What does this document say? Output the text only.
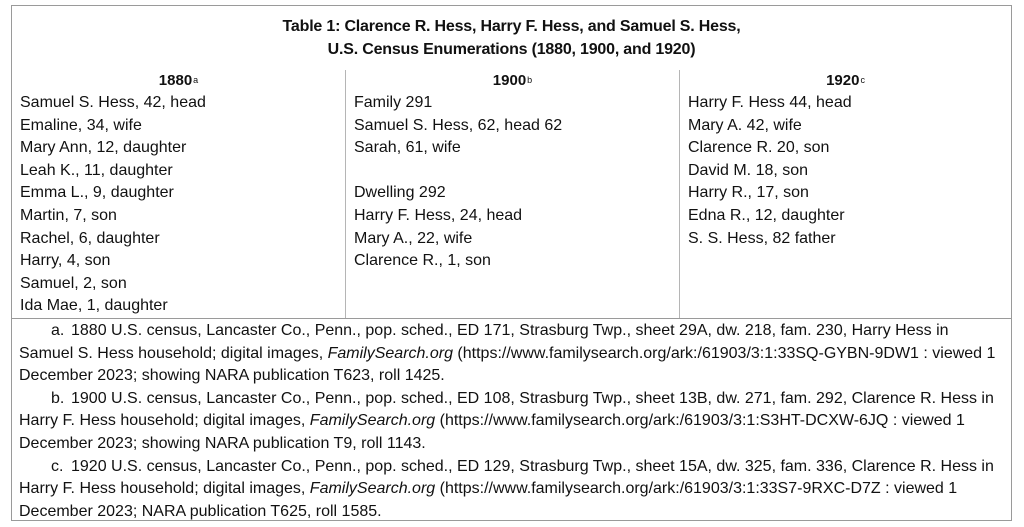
Table 1: Clarence R. Hess, Harry F. Hess, and Samuel S. Hess,
U.S. Census Enumerations (1880, 1900, and 1920)
1880$^a$
Samuel S. Hess, 42, head
Emaline, 34, wife
Mary Ann, 12, daughter
Leah K., 11, daughter
Emma L., 9, daughter
Martin, 7, son
Rachel, 6, daughter
Harry, 4, son
Samuel, 2, son
Ida Mae, 1, daughter
1900$^b$
Family 291
Samuel S. Hess, 62, head 62
Sarah, 61, wife
Dwelling 292
Harry F. Hess, 24, head
Mary A., 22, wife
Clarence R., 1, son
1920$^c$
Harry F. Hess 44, head
Mary A. 42, wife
Clarence R. 20, son
David M. 18, son
Harry R., 17, son
Edna R., 12, daughter
S. S. Hess, 82 father
a. 1880 U.S. census, Lancaster Co., Penn., pop. sched., ED 171, Strasburg Twp., sheet 29A, dw. 218, fam. 230, Harry Hess in Samuel S. Hess household; digital images, FamilySearch.org (https://www.familysearch.org/ark:/61903/3:1:33SQ-GYBN-9DW1 : viewed 1 December 2023; showing NARA publication T623, roll 1425.
b. 1900 U.S. census, Lancaster Co., Penn., pop. sched., ED 108, Strasburg Twp., sheet 13B, dw. 271, fam. 292, Clarence R. Hess in Harry F. Hess household; digital images, FamilySearch.org (https://www.familysearch.org/ark:/61903/3:1:S3HT-DCXW-6JQ : viewed 1 December 2023; showing NARA publication T9, roll 1143.
c. 1920 U.S. census, Lancaster Co., Penn., pop. sched., ED 129, Strasburg Twp., sheet 15A, dw. 325, fam. 336, Clarence R. Hess in Harry F. Hess household; digital images, FamilySearch.org (https://www.familysearch.org/ark:/61903/3:1:33S7-9RXC-D7Z : viewed 1 December 2023; NARA publication T625, roll 1585.
